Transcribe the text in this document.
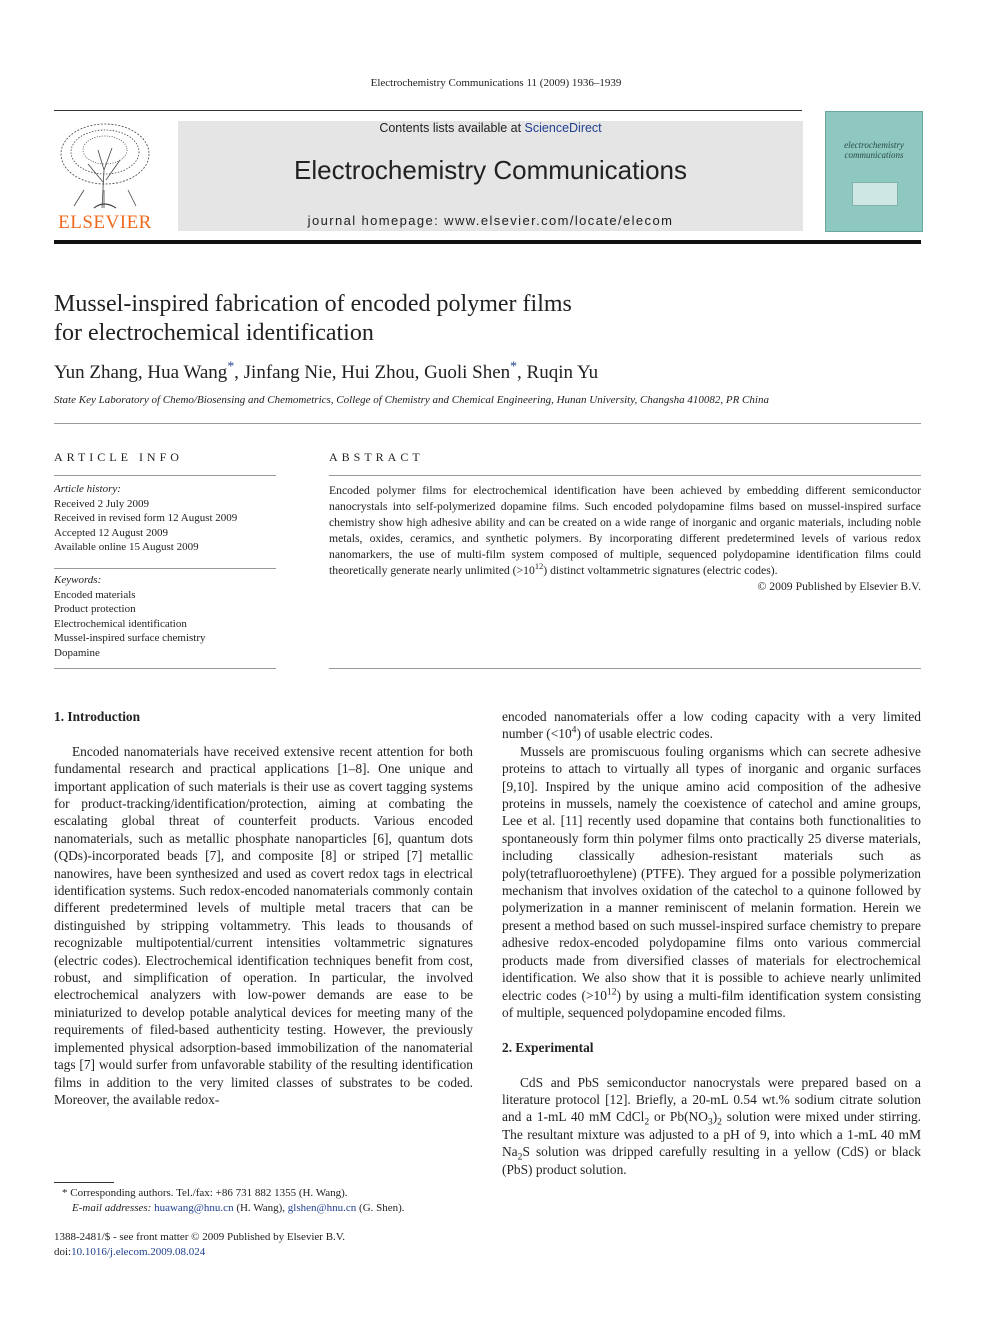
Electrochemistry Communications 11 (2009) 1936–1939
ELSEVIER
Contents lists available at ScienceDirect
Electrochemistry Communications
journal homepage: www.elsevier.com/locate/elecom
electrochemistry
communications
Mussel-inspired fabrication of encoded polymer films
for electrochemical identification
Yun Zhang, Hua Wang*, Jinfang Nie, Hui Zhou, Guoli Shen*, Ruqin Yu
State Key Laboratory of Chemo/Biosensing and Chemometrics, College of Chemistry and Chemical Engineering, Hunan University, Changsha 410082, PR China
ARTICLE INFO	ABSTRACT
Article history:
Received 2 July 2009
Received in revised form 12 August 2009
Accepted 12 August 2009
Available online 15 August 2009
Keywords:
Encoded materials
Product protection
Electrochemical identification
Mussel-inspired surface chemistry
Dopamine
Encoded polymer films for electrochemical identification have been achieved by embedding different semiconductor nanocrystals into self-polymerized dopamine films. Such encoded polydopamine films based on mussel-inspired surface chemistry show high adhesive ability and can be created on a wide range of inorganic and organic materials, including noble metals, oxides, ceramics, and synthetic polymers. By incorporating different predetermined levels of various redox nanomarkers, the use of multi-film system composed of multiple, sequenced polydopamine identification films could theoretically generate nearly unlimited $(>10^{12})$ distinct voltammetric signatures (electric codes).
© 2009 Published by Elsevier B.V.
1. Introduction

Encoded nanomaterials have received extensive recent attention for both fundamental research and practical applications [1–8]. One unique and important application of such materials is their use as covert tagging systems for product-tracking/identification/protection, aiming at combating the escalating global threat of counterfeit products. Various encoded nanomaterials, such as metallic phosphate nanoparticles [6], quantum dots (QDs)-incorporated beads [7], and composite [8] or striped [7] metallic nanowires, have been synthesized and used as covert redox tags in electrical identification systems. Such redox-encoded nanomaterials commonly contain different predetermined levels of multiple metal tracers that can be distinguished by stripping voltammetry. This leads to thousands of recognizable multipotential/current intensities voltammetric signatures (electric codes). Electrochemical identification techniques benefit from cost, robust, and simplification of operation. In particular, the involved electrochemical analyzers with low-power demands are ease to be miniaturized to develop potable analytical devices for meeting many of the requirements of filed-based authenticity testing. However, the previously implemented physical adsorption-based immobilization of the nanomaterial tags [7] would surfer from unfavorable stability of the resulting identification films in addition to the very limited classes of substrates to be coded. Moreover, the available redox-

encoded nanomaterials offer a low coding capacity with a very limited number $(<10^4)$ of usable electric codes.

Mussels are promiscuous fouling organisms which can secrete adhesive proteins to attach to virtually all types of inorganic and organic surfaces [9,10]. Inspired by the unique amino acid composition of the adhesive proteins in mussels, namely the coexistence of catechol and amine groups, Lee et al. [11] recently used dopamine that contains both functionalities to spontaneously form thin polymer films onto practically 25 diverse materials, including classically adhesion-resistant materials such as poly(tetrafluoroethylene) (PTFE). They argued for a possible polymerization mechanism that involves oxidation of the catechol to a quinone followed by polymerization in a manner reminiscent of melanin formation. Herein we present a method based on such mussel-inspired surface chemistry to prepare adhesive redox-encoded polydopamine films onto various commercial products made from diversified classes of materials for electrochemical identification. We also show that it is possible to achieve nearly unlimited electric codes $(>10^{12})$ by using a multi-film identification system consisting of multiple, sequenced polydopamine encoded films.

2. Experimental

CdS and PbS semiconductor nanocrystals were prepared based on a literature protocol [12]. Briefly, a 20-mL 0.54 wt.% sodium citrate solution and a 1-mL 40 mM CdCl$_2$ or $Pb(NO_3)_2$ solution were mixed under stirring. The resultant mixture was adjusted to a pH of 9, into which a 1-mL 40 mM $Na_2S$ solution was dripped carefully resulting in a yellow (CdS) or black (PbS) product solution.

* Corresponding authors. Tel./fax: +86 731 882 1355 (H. Wang).
E-mail addresses: huawang@hnu.cn (H. Wang), glshen@hnu.cn (G. Shen).
1388-2481/$ - see front matter © 2009 Published by Elsevier B.V.
doi:10.1016/j.elecom.2009.08.024
